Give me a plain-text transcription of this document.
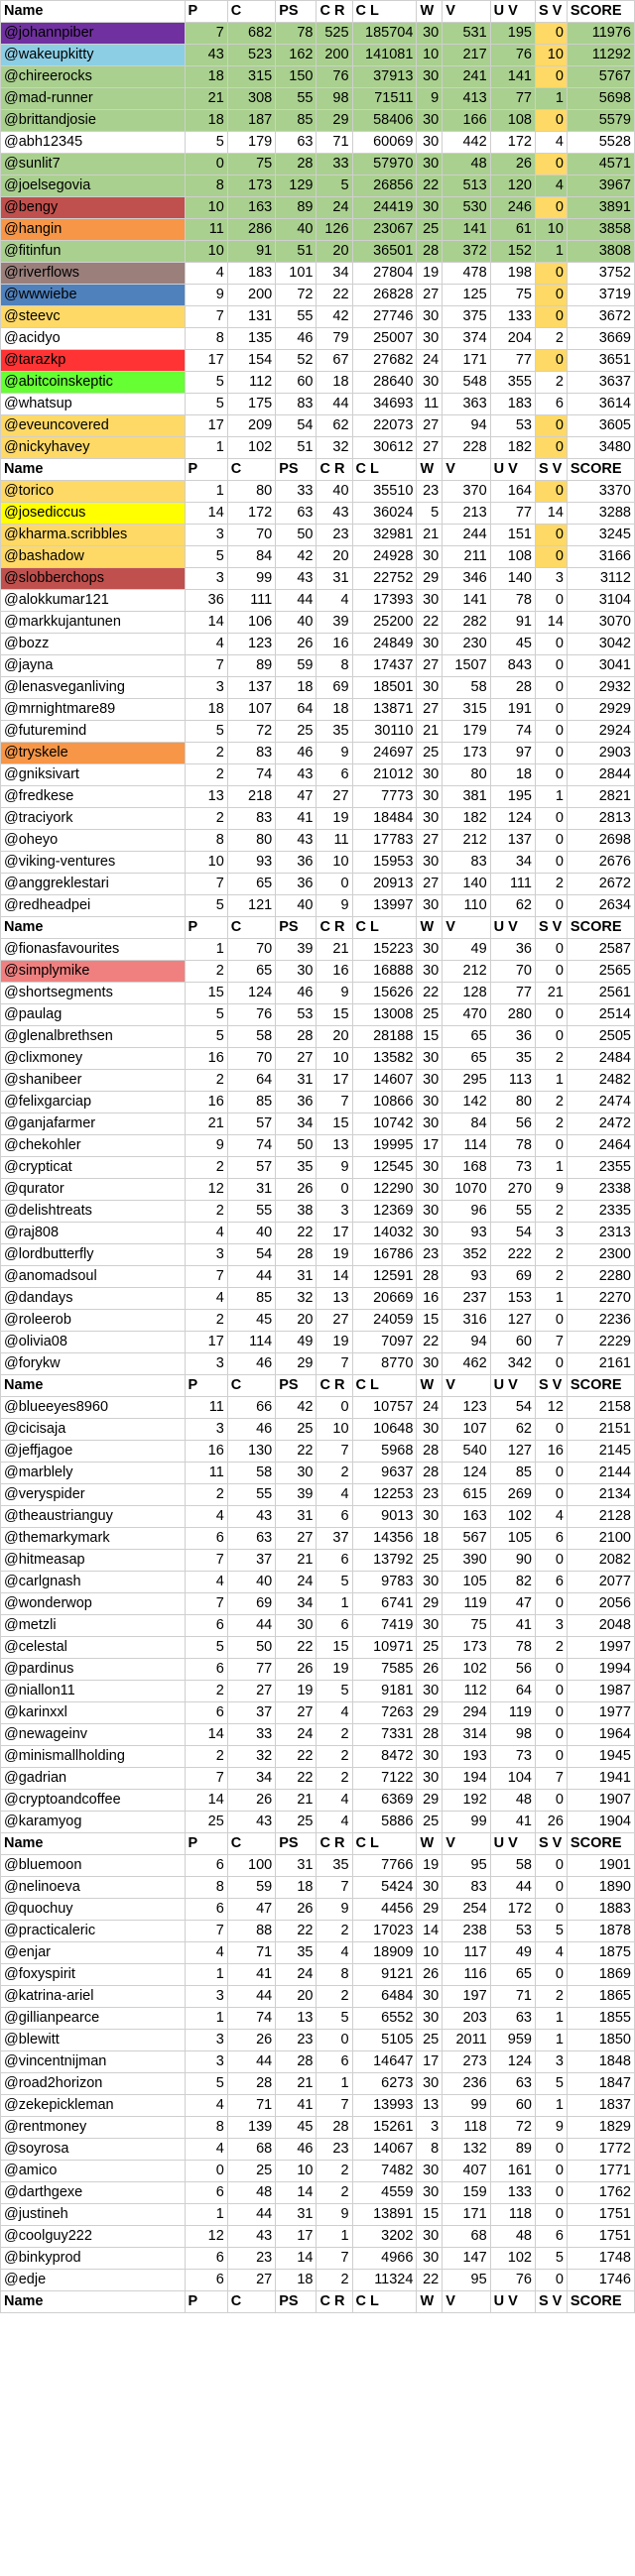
Name	P	C	PS	C R	C L	W	V	U V	S V	SCORE
@johannpiber	7	682	78	525	185704	30	531	195	0	11976
@wakeupkitty	43	523	162	200	141081	10	217	76	10	11292
@chireerocks	18	315	150	76	37913	30	241	141	0	5767
@mad-runner	21	308	55	98	71511	9	413	77	1	5698
@brittandjosie	18	187	85	29	58406	30	166	108	0	5579
@abh12345	5	179	63	71	60069	30	442	172	4	5528
@sunlit7	0	75	28	33	57970	30	48	26	0	4571
@joelsegovia	8	173	129	5	26856	22	513	120	4	3967
@bengy	10	163	89	24	24419	30	530	246	0	3891
@hangin	11	286	40	126	23067	25	141	61	10	3858
@fitinfun	10	91	51	20	36501	28	372	152	1	3808
@riverflows	4	183	101	34	27804	19	478	198	0	3752
@wwwiebe	9	200	72	22	26828	27	125	75	0	3719
@steevc	7	131	55	42	27746	30	375	133	0	3672
@acidyo	8	135	46	79	25007	30	374	204	2	3669
@tarazkp	17	154	52	67	27682	24	171	77	0	3651
@abitcoinskeptic	5	112	60	18	28640	30	548	355	2	3637
@whatsup	5	175	83	44	34693	11	363	183	6	3614
@eveuncovered	17	209	54	62	22073	27	94	53	0	3605
@nickyhavey	1	102	51	32	30612	27	228	182	0	3480
Name	P	C	PS	C R	C L	W	V	U V	S V	SCORE
@torico	1	80	33	40	35510	23	370	164	0	3370
@josediccus	14	172	63	43	36024	5	213	77	14	3288
@kharma.scribbles	3	70	50	23	32981	21	244	151	0	3245
@bashadow	5	84	42	20	24928	30	211	108	0	3166
@slobberchops	3	99	43	31	22752	29	346	140	3	3112
@alokkumar121	36	111	44	4	17393	30	141	78	0	3104
@markkujantunen	14	106	40	39	25200	22	282	91	14	3070
@bozz	4	123	26	16	24849	30	230	45	0	3042
@jayna	7	89	59	8	17437	27	1507	843	0	3041
@lenasveganliving	3	137	18	69	18501	30	58	28	0	2932
@mrnightmare89	18	107	64	18	13871	27	315	191	0	2929
@futuremind	5	72	25	35	30110	21	179	74	0	2924
@tryskele	2	83	46	9	24697	25	173	97	0	2903
@gniksivart	2	74	43	6	21012	30	80	18	0	2844
@fredkese	13	218	47	27	7773	30	381	195	1	2821
@traciyork	2	83	41	19	18484	30	182	124	0	2813
@oheyo	8	80	43	11	17783	27	212	137	0	2698
@viking-ventures	10	93	36	10	15953	30	83	34	0	2676
@anggreklestari	7	65	36	0	20913	27	140	111	2	2672
@redheadpei	5	121	40	9	13997	30	110	62	0	2634
Name	P	C	PS	C R	C L	W	V	U V	S V	SCORE
@fionasfavourites	1	70	39	21	15223	30	49	36	0	2587
@simplymike	2	65	30	16	16888	30	212	70	0	2565
@shortsegments	15	124	46	9	15626	22	128	77	21	2561
@paulag	5	76	53	15	13008	25	470	280	0	2514
@glenalbrethsen	5	58	28	20	28188	15	65	36	0	2505
@clixmoney	16	70	27	10	13582	30	65	35	2	2484
@shanibeer	2	64	31	17	14607	30	295	113	1	2482
@felixgarciap	16	85	36	7	10866	30	142	80	2	2474
@ganjafarmer	21	57	34	15	10742	30	84	56	2	2472
@chekohler	9	74	50	13	19995	17	114	78	0	2464
@crypticat	2	57	35	9	12545	30	168	73	1	2355
@qurator	12	31	26	0	12290	30	1070	270	9	2338
@delishtreats	2	55	38	3	12369	30	96	55	2	2335
@raj808	4	40	22	17	14032	30	93	54	3	2313
@lordbutterfly	3	54	28	19	16786	23	352	222	2	2300
@anomadsoul	7	44	31	14	12591	28	93	69	2	2280
@dandays	4	85	32	13	20669	16	237	153	1	2270
@roleerob	2	45	20	27	24059	15	316	127	0	2236
@olivia08	17	114	49	19	7097	22	94	60	7	2229
@forykw	3	46	29	7	8770	30	462	342	0	2161
Name	P	C	PS	C R	C L	W	V	U V	S V	SCORE
@blueeyes8960	11	66	42	0	10757	24	123	54	12	2158
@cicisaja	3	46	25	10	10648	30	107	62	0	2151
@jeffjagoe	16	130	22	7	5968	28	540	127	16	2145
@marblely	11	58	30	2	9637	28	124	85	0	2144
@veryspider	2	55	39	4	12253	23	615	269	0	2134
@theaustrianguy	4	43	31	6	9013	30	163	102	4	2128
@themarkymark	6	63	27	37	14356	18	567	105	6	2100
@hitmeasap	7	37	21	6	13792	25	390	90	0	2082
@carlgnash	4	40	24	5	9783	30	105	82	6	2077
@wonderwop	7	69	34	1	6741	29	119	47	0	2056
@metzli	6	44	30	6	7419	30	75	41	3	2048
@celestal	5	50	22	15	10971	25	173	78	2	1997
@pardinus	6	77	26	19	7585	26	102	56	0	1994
@niallon11	2	27	19	5	9181	30	112	64	0	1987
@karinxxl	6	37	27	4	7263	29	294	119	0	1977
@newageinv	14	33	24	2	7331	28	314	98	0	1964
@minismallholding	2	32	22	2	8472	30	193	73	0	1945
@gadrian	7	34	22	2	7122	30	194	104	7	1941
@cryptoandcoffee	14	26	21	4	6369	29	192	48	0	1907
@karamyog	25	43	25	4	5886	25	99	41	26	1904
Name	P	C	PS	C R	C L	W	V	U V	S V	SCORE
@bluemoon	6	100	31	35	7766	19	95	58	0	1901
@nelinoeva	8	59	18	7	5424	30	83	44	0	1890
@quochuy	6	47	26	9	4456	29	254	172	0	1883
@practicaleric	7	88	22	2	17023	14	238	53	5	1878
@enjar	4	71	35	4	18909	10	117	49	4	1875
@foxyspirit	1	41	24	8	9121	26	116	65	0	1869
@katrina-ariel	3	44	20	2	6484	30	197	71	2	1865
@gillianpearce	1	74	13	5	6552	30	203	63	1	1855
@blewitt	3	26	23	0	5105	25	2011	959	1	1850
@vincentnijman	3	44	28	6	14647	17	273	124	3	1848
@road2horizon	5	28	21	1	6273	30	236	63	5	1847
@zekepickleman	4	71	41	7	13993	13	99	60	1	1837
@rentmoney	8	139	45	28	15261	3	118	72	9	1829
@soyrosa	4	68	46	23	14067	8	132	89	0	1772
@amico	0	25	10	2	7482	30	407	161	0	1771
@darthgexe	6	48	14	2	4559	30	159	133	0	1762
@justineh	1	44	31	9	13891	15	171	118	0	1751
@coolguy222	12	43	17	1	3202	30	68	48	6	1751
@binkyprod	6	23	14	7	4966	30	147	102	5	1748
@edje	6	27	18	2	11324	22	95	76	0	1746
Name	P	C	PS	C R	C L	W	V	U V	S V	SCORE
